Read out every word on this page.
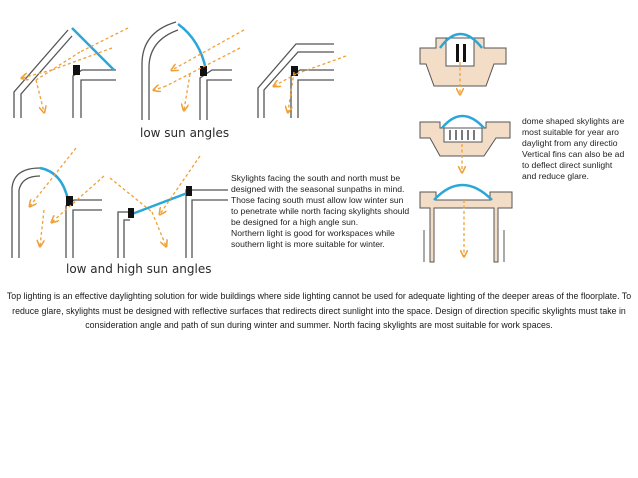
low sun angles
low and high sun angles
Skylights facing the south and north must be
designed with the seasonal sunpaths in mind.
Those facing south must allow low winter sun
to penetrate while north facing skylights should
be designed for a high angle sun.
Northern light is good for workspaces while
southern light is more suitable for winter.
dome shaped skylights are
most suitable for year aro
daylight from any directio
Vertical fins can also be ad
to deflect direct sunlight
and reduce glare.

Top lighting is an effective daylighting solution for wide buildings where side lighting cannot be used for adequate lighting of the deeper areas of the floorplate. To reduce glare, skylights must be designed with reflective surfaces that redirects direct sunlight into the space. Design of direction specific skylights must take in consideration angle and path of sun during winter and summer. North facing skylights are most suitable for work spaces.
